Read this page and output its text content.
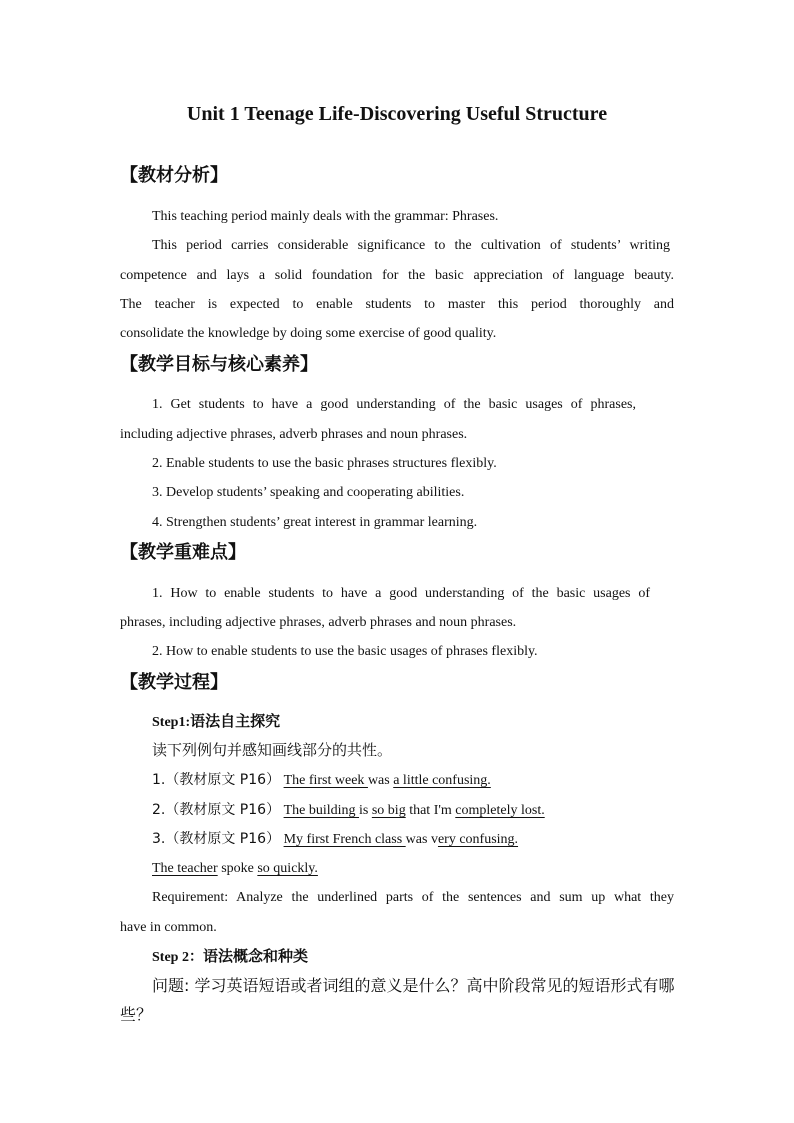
Unit 1 Teenage Life-Discovering Useful Structure
【教材分析】
This teaching period mainly deals with the grammar: Phrases.
This period carries considerable significance to the cultivation of students’ writing
competence and lays a solid foundation for the basic appreciation of language beauty.
The teacher is expected to enable students to master this period thoroughly and
consolidate the knowledge by doing some exercise of good quality.
【教学目标与核心素养】
1. Get students to have a good understanding of the basic usages of phrases,
including adjective phrases, adverb phrases and noun phrases.
2. Enable students to use the basic phrases structures flexibly.
3. Develop students’ speaking and cooperating abilities.
4. Strengthen students’ great interest in grammar learning.
【教学重难点】
1. How to enable students to have a good understanding of the basic usages of
phrases, including adjective phrases, adverb phrases and noun phrases.
2. How to enable students to use the basic usages of phrases flexibly.
【教学过程】
Step1:语法自主探究
读下列例句并感知画线部分的共性。
1.（教材原文 P16） The first week was a little confusing.
2.（教材原文 P16） The building is so big that I'm completely lost.
3.（教材原文 P16） My first French class was very confusing.
The teacher spoke so quickly.
Requirement: Analyze the underlined parts of the sentences and sum up what they
have in common.
Step 2：语法概念和种类
问题: 学习英语短语或者词组的意义是什么？高中阶段常见的短语形式有哪
些？
